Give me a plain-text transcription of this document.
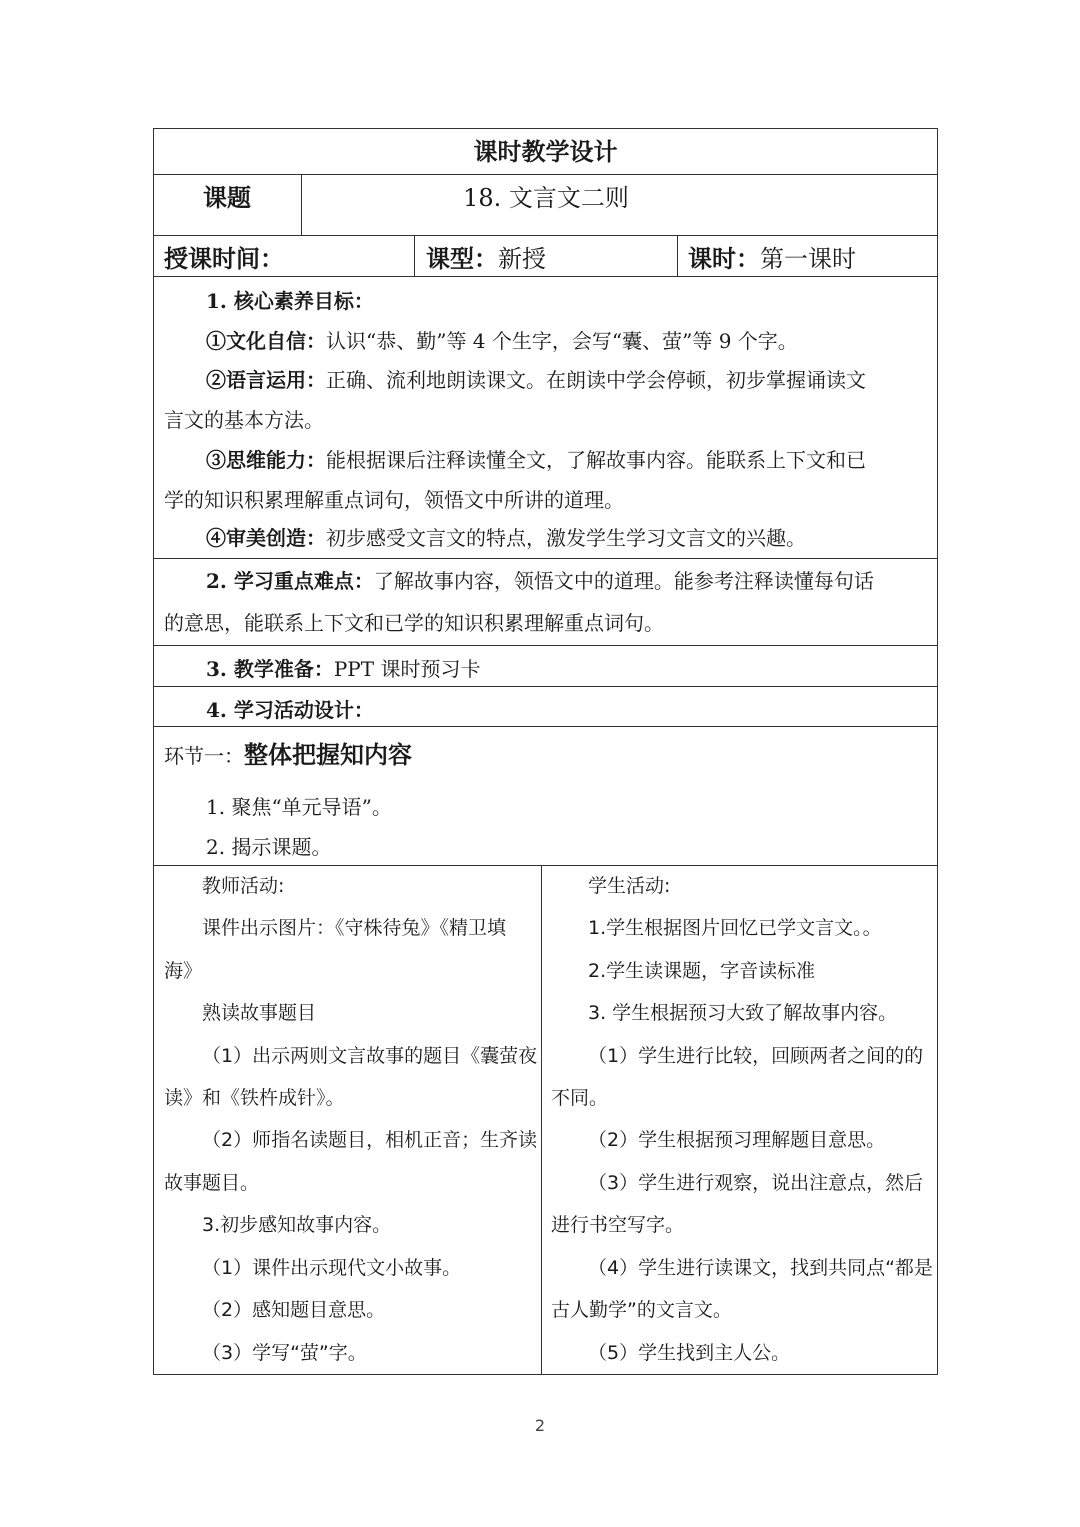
课时教学设计
课题	18. 文言文二则
授课时间：	课型：新授	课时：第一课时
1. 核心素养目标：
①文化自信：认识“恭、勤”等 4 个生字，会写“囊、萤”等 9 个字。
②语言运用：正确、流利地朗读课文。在朗读中学会停顿，初步掌握诵读文
言文的基本方法。
③思维能力：能根据课后注释读懂全文，了解故事内容。能联系上下文和已
学的知识积累理解重点词句，领悟文中所讲的道理。
④审美创造：初步感受文言文的特点，激发学生学习文言文的兴趣。
2. 学习重点难点：了解故事内容，领悟文中的道理。能参考注释读懂每句话
的意思，能联系上下文和已学的知识积累理解重点词句。
3. 教学准备：PPT 课时预习卡
4. 学习活动设计：
环节一：整体把握知内容
1. 聚焦“单元导语”。
2. 揭示课题。
教师活动:
课件出示图片：《守株待兔》《精卫填
海》
熟读故事题目
（1）出示两则文言故事的题目《囊萤夜
读》和《铁杵成针》。
（2）师指名读题目，相机正音；生齐读
故事题目。
3.初步感知故事内容。
（1）课件出示现代文小故事。
（2）感知题目意思。
（3）学写“萤”字。
学生活动:
1.学生根据图片回忆已学文言文。。
2.学生读课题，字音读标准
3. 学生根据预习大致了解故事内容。
（1）学生进行比较，回顾两者之间的的
不同。
（2）学生根据预习理解题目意思。
（3）学生进行观察，说出注意点，然后
进行书空写字。
（4）学生进行读课文，找到共同点“都是
古人勤学”的文言文。
（5）学生找到主人公。
2
